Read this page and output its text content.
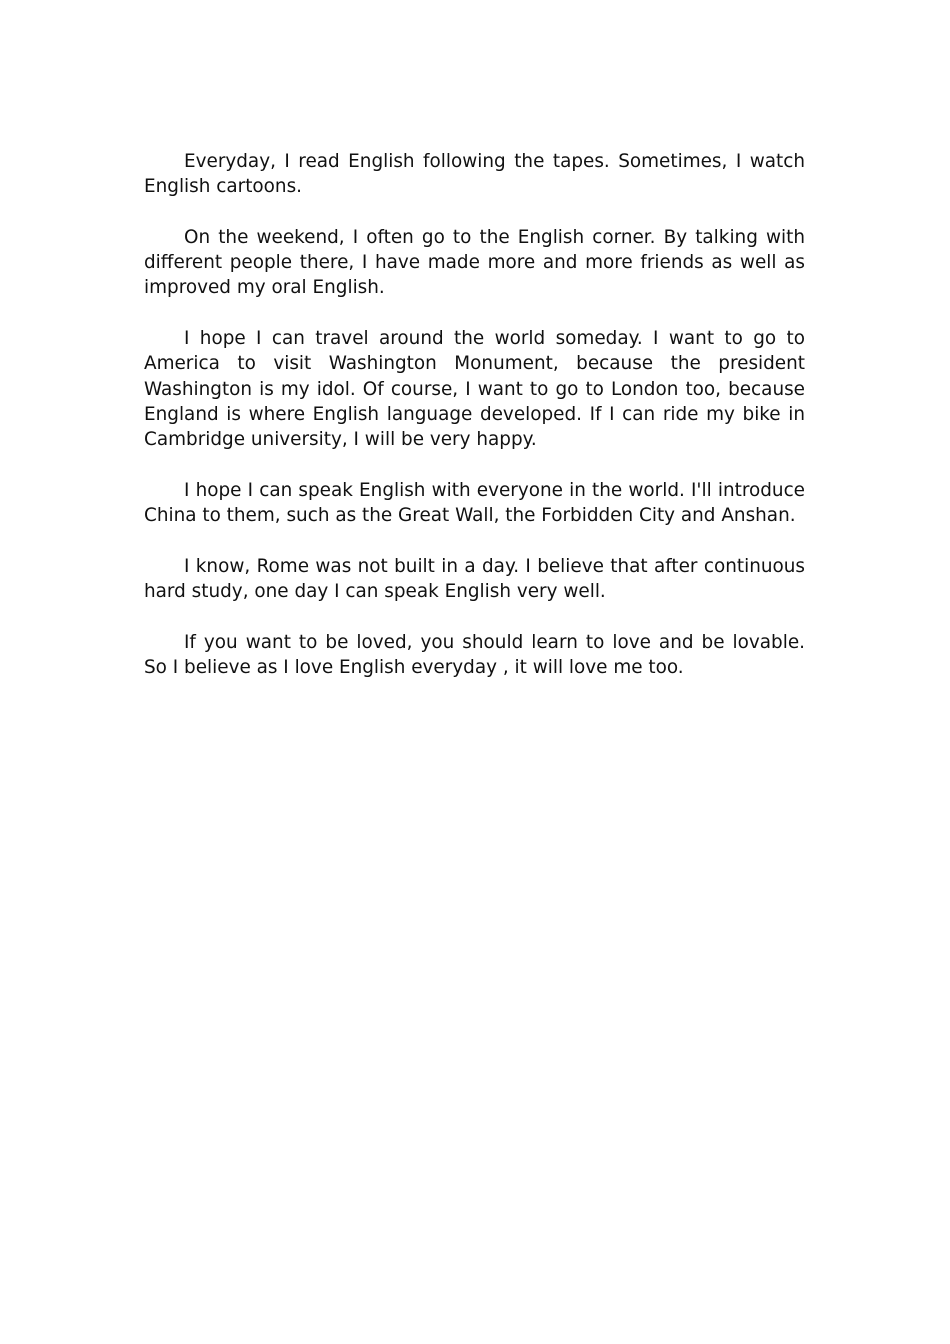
Everyday, I read English following the tapes. Sometimes, I watch English cartoons.

On the weekend, I often go to the English corner. By talking with different people there, I have made more and more friends as well as improved my oral English.

I hope I can travel around the world someday. I want to go to America to visit Washington Monument, because the president Washington is my idol. Of course, I want to go to London too, because England is where English language developed. If I can ride my bike in Cambridge university, I will be very happy.

I hope I can speak English with everyone in the world. I'll introduce China to them, such as the Great Wall, the Forbidden City and Anshan.

I know, Rome was not built in a day. I believe that after continuous hard study, one day I can speak English very well.

If you want to be loved, you should learn to love and be lovable. So I believe as I love English everyday , it will love me too.
